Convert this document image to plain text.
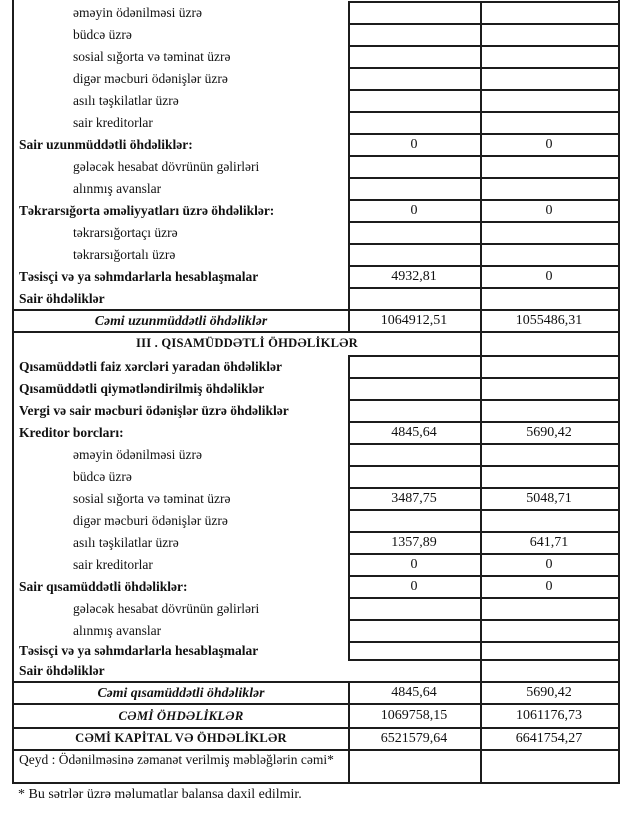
əməyin ödənilməsi üzrə
büdcə üzrə
sosial sığorta və təminat üzrə
digər məcburi ödənişlər üzrə
asılı təşkilatlar üzrə
sair kreditorlar
Sair uzunmüddətli öhdəliklər:	0	0
gələcək hesabat dövrünün gəlirləri
alınmış avanslar
Təkrarsığorta əməliyyatları üzrə öhdəliklər:	0	0
təkrarsığortaçı üzrə
təkrarsığortalı üzrə
Təsisçi və ya səhmdarlarla hesablaşmalar	4932,81	0
Sair öhdəliklər
Cəmi uzunmüddətli öhdəliklər	1064912,51	1055486,31
III . QISAMÜDDƏTLİ ÖHDƏLİKLƏR
Qısamüddətli faiz xərcləri yaradan öhdəliklər
Qısamüddətli qiymətləndirilmiş öhdəliklər
Vergi və sair məcburi ödənişlər üzrə öhdəliklər
Kreditor borcları:	4845,64	5690,42
əməyin ödənilməsi üzrə
büdcə üzrə
sosial sığorta və təminat üzrə	3487,75	5048,71
digər məcburi ödənişlər üzrə
asılı təşkilatlar üzrə	1357,89	641,71
sair kreditorlar	0	0
Sair qısamüddətli öhdəliklər:	0	0
gələcək hesabat dövrünün gəlirləri
alınmış avanslar
Təsisçi və ya səhmdarlarla hesablaşmalar
Sair öhdəliklər
Cəmi qısamüddətli öhdəliklər	4845,64	5690,42
CƏMİ ÖHDƏLİKLƏR	1069758,15	1061176,73
CƏMİ KAPİTAL VƏ ÖHDƏLİKLƏR	6521579,64	6641754,27
Qeyd : Ödənilməsinə zəmanət verilmiş məbləğlərin cəmi*
* Bu sətrlər üzrə məlumatlar balansa daxil edilmir.
